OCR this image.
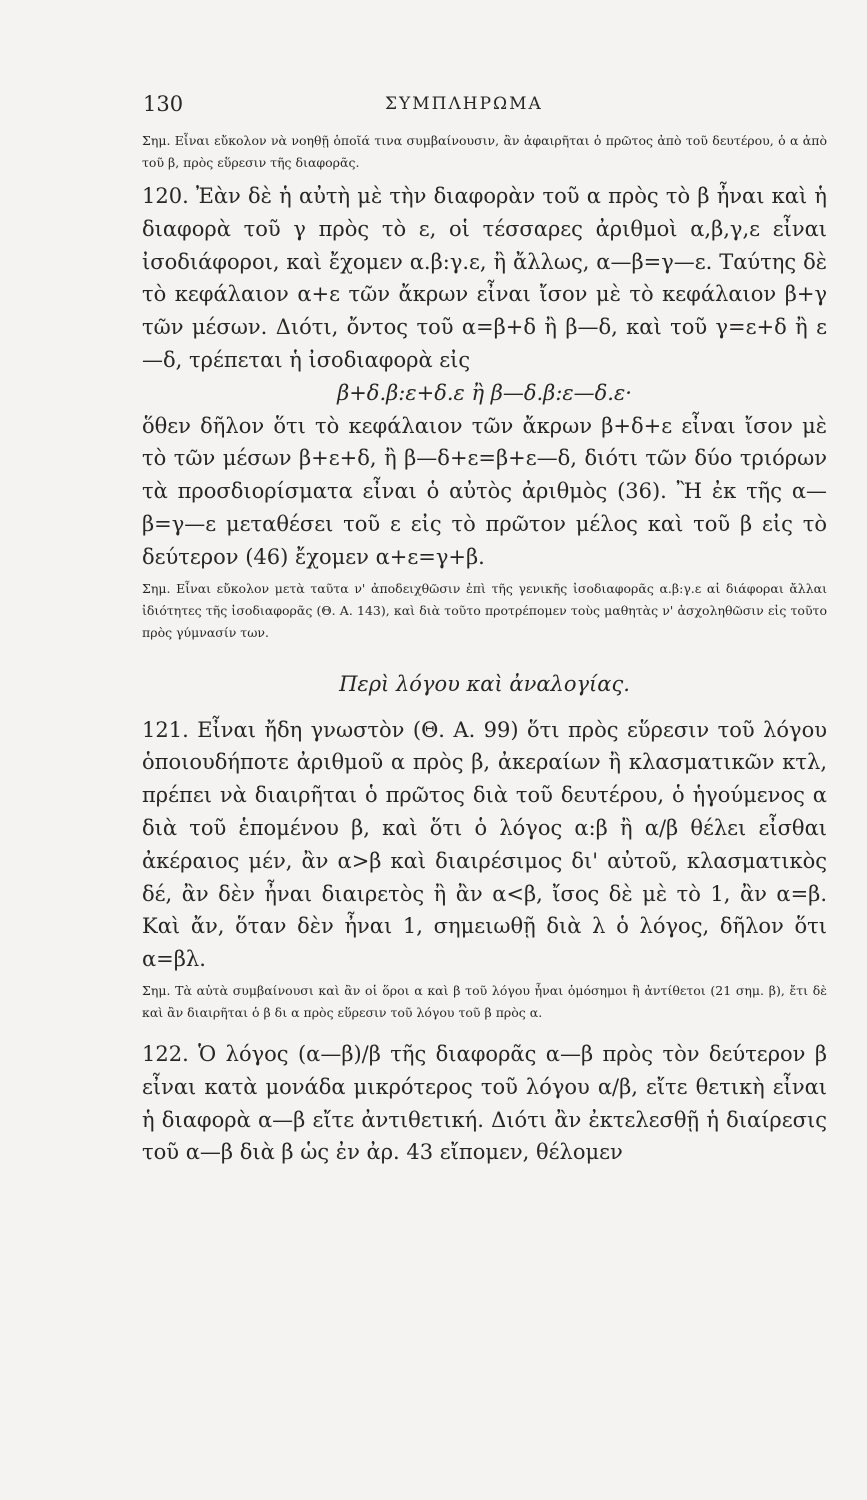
130	ΣΥΜΠΛΗΡΩΜΑ

Σημ. Εἶναι εὔκολον νὰ νοηθῇ ὁποῖά τινα συμβαίνουσιν, ἂν ἀφαιρῆται ὁ πρῶτος ἀπὸ τοῦ δευτέρου, ὁ α ἀπὸ τοῦ β, πρὸς εὕρεσιν τῆς διαφορᾶς.

120. Ἐὰν δὲ ἡ αὐτὴ μὲ τὴν διαφορὰν τοῦ α πρὸς τὸ β ἦναι καὶ ἡ διαφορὰ τοῦ γ πρὸς τὸ ε, οἱ τέσσαρες ἀριθμοὶ α,β,γ,ε εἶναι ἰσοδιάφοροι, καὶ ἔχομεν α.β:γ.ε, ἢ ἄλλως, α—β=γ—ε. Ταύτης δὲ τὸ κεφάλαιον α+ε τῶν ἄκρων εἶναι ἴσον μὲ τὸ κεφάλαιον β+γ τῶν μέσων. Διότι, ὄντος τοῦ α=β+δ ἢ β—δ, καὶ τοῦ γ=ε+δ ἢ ε—δ, τρέπεται ἡ ἰσοδιαφορὰ εἰς

β+δ.β:ε+δ.ε ἢ β—δ.β:ε—δ.ε·

ὅθεν δῆλον ὅτι τὸ κεφάλαιον τῶν ἄκρων β+δ+ε εἶναι ἴσον μὲ τὸ τῶν μέσων β+ε+δ, ἢ β—δ+ε=β+ε—δ, διότι τῶν δύο τριόρων τὰ προσδιορίσματα εἶναι ὁ αὐτὸς ἀριθμὸς (36). Ἢ ἐκ τῆς α—β=γ—ε μεταθέσει τοῦ ε εἰς τὸ πρῶτον μέλος καὶ τοῦ β εἰς τὸ δεύτερον (46) ἔχομεν α+ε=γ+β.

Σημ. Εἶναι εὔκολον μετὰ ταῦτα ν' ἀποδειχθῶσιν ἐπὶ τῆς γενικῆς ἰσοδιαφορᾶς α.β:γ.ε αἱ διάφοραι ἄλλαι ἰδιότητες τῆς ἰσοδιαφορᾶς (Θ. Α. 143), καὶ διὰ τοῦτο προτρέπομεν τοὺς μαθητὰς ν' ἀσχοληθῶσιν εἰς τοῦτο πρὸς γύμνασίν των.

Περὶ λόγου καὶ ἀναλογίας.

121. Εἶναι ἤδη γνωστὸν (Θ. Α. 99) ὅτι πρὸς εὕρεσιν τοῦ λόγου ὁποιουδήποτε ἀριθμοῦ α πρὸς β, ἀκεραίων ἢ κλασματικῶν κτλ, πρέπει νὰ διαιρῆται ὁ πρῶτος διὰ τοῦ δευτέρου, ὁ ἡγούμενος α διὰ τοῦ ἑπομένου β, καὶ ὅτι ὁ λόγος α:β ἢ α/β θέλει εἶσθαι ἀκέραιος μέν, ἂν α>β καὶ διαιρέσιμος δι' αὐτοῦ, κλασματικὸς δέ, ἂν δὲν ἦναι διαιρετὸς ἢ ἂν α<β, ἴσος δὲ μὲ τὸ 1, ἂν α=β. Καὶ ἄν, ὅταν δὲν ἦναι 1, σημειωθῇ διὰ λ ὁ λόγος, δῆλον ὅτι α=βλ.

Σημ. Τὰ αὐτὰ συμβαίνουσι καὶ ἂν οἱ ὅροι α καὶ β τοῦ λόγου ἦναι ὁμόσημοι ἢ ἀντίθετοι (21 σημ. β), ἔτι δὲ καὶ ἂν διαιρῆται ὁ β δι α πρὸς εὕρεσιν τοῦ λόγου τοῦ β πρὸς α.

122. Ὁ λόγος (α—β)/β τῆς διαφορᾶς α—β πρὸς τὸν δεύτερον β εἶναι κατὰ μονάδα μικρότερος τοῦ λόγου α/β, εἴτε θετικὴ εἶναι ἡ διαφορὰ α—β εἴτε ἀντιθετική. Διότι ἂν ἐκτελεσθῇ ἡ διαίρεσις τοῦ α—β διὰ β ὡς ἐν ἀρ. 43 εἴπομεν, θέλομεν
